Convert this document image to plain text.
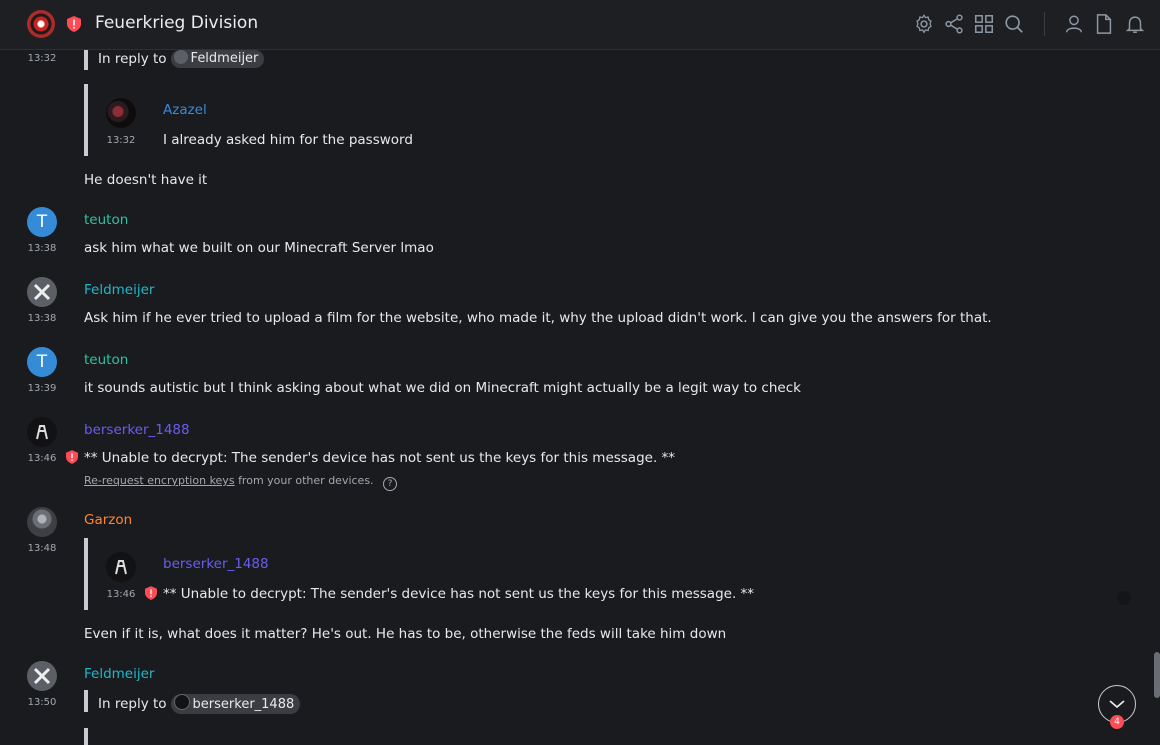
Feuerkrieg Division
13:32	In reply to Feldmeijer
Azazel
13:32 I already asked him for the password
He doesn't have it
T	teuton
13:38 ask him what we built on our Minecraft Server lmao
Feldmeijer
13:38 Ask him if he ever tried to upload a film for the website, who made it, why the upload didn't work. I can give you the answers for that.
T	teuton
13:39 it sounds autistic but I think asking about what we did on Minecraft might actually be a legit way to check
berserker_1488
13:46 ** Unable to decrypt: The sender's device has not sent us the keys for this message. **
Re-request encryption keys from your other devices. ?
Garzon
13:48
berserker_1488
13:46 ** Unable to decrypt: The sender's device has not sent us the keys for this message. **
Even if it is, what does it matter? He's out. He has to be, otherwise the feds will take him down
Feldmeijer
13:50	In reply to berserker_1488
4
